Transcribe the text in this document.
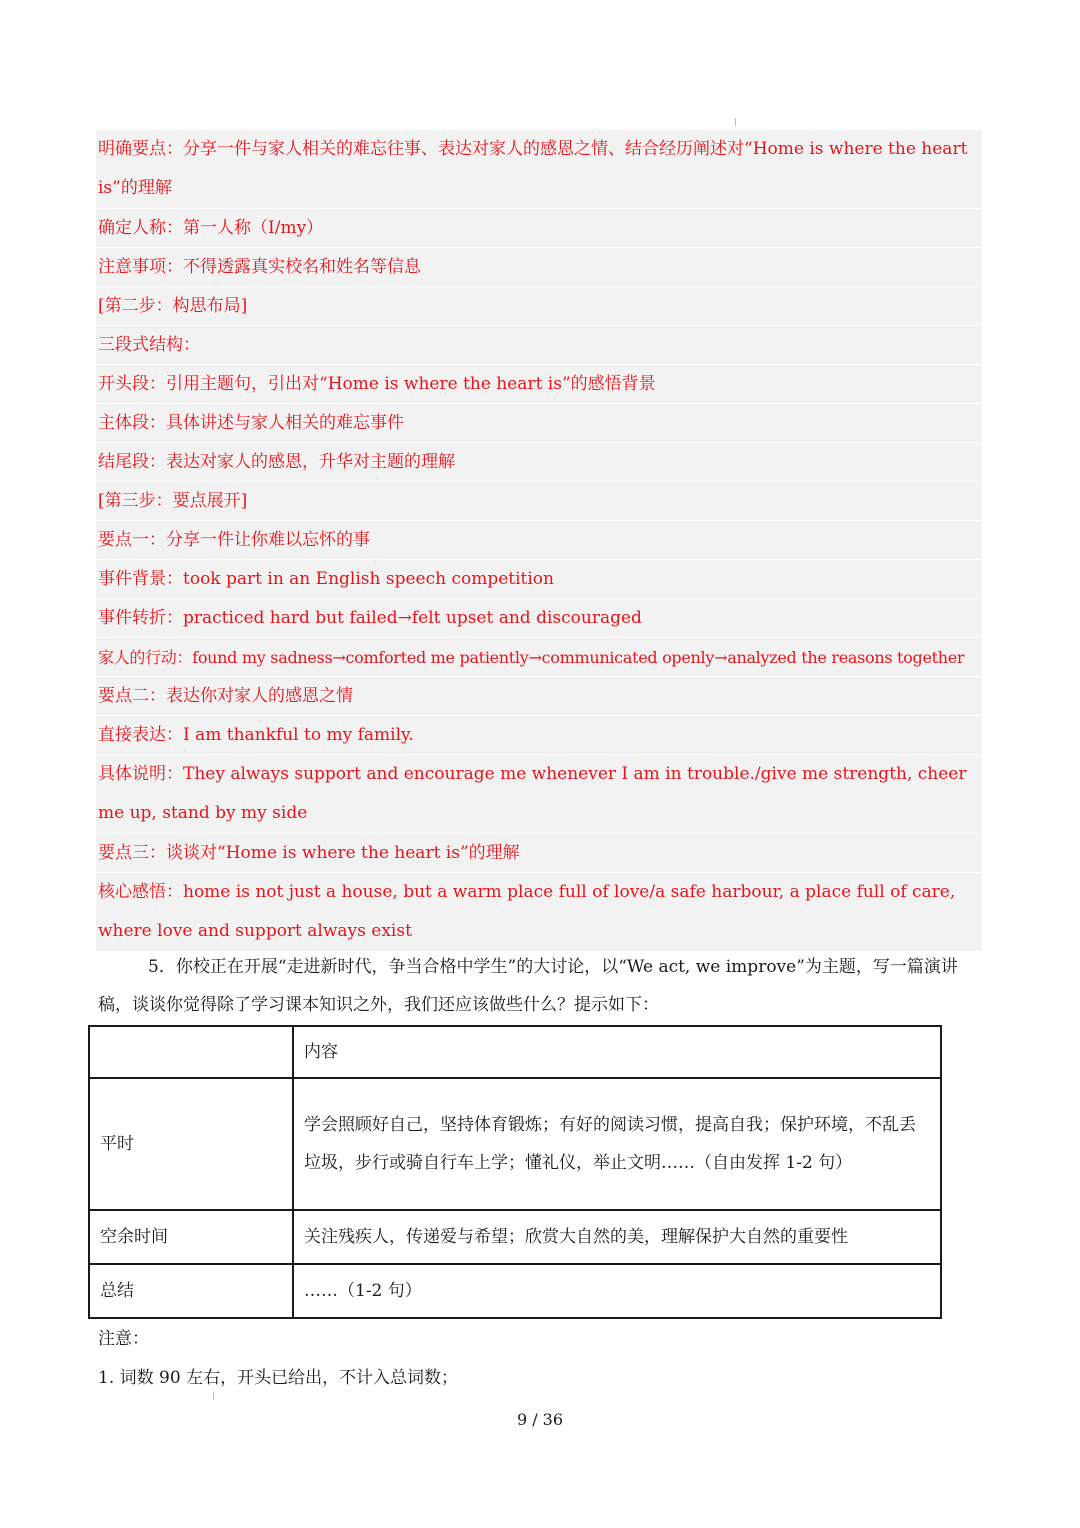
明确要点：分享一件与家人相关的难忘往事、表达对家人的感恩之情、结合经历阐述对“Home is where the heart is”的理解
确定人称：第一人称（I/my）
注意事项：不得透露真实校名和姓名等信息
[第二步：构思布局]
三段式结构：
开头段：引用主题句，引出对“Home is where the heart is”的感悟背景
主体段：具体讲述与家人相关的难忘事件
结尾段：表达对家人的感恩，升华对主题的理解
[第三步：要点展开]
要点一：分享一件让你难以忘怀的事
事件背景：took part in an English speech competition
事件转折：practiced hard but failed→felt upset and discouraged
家人的行动：found my sadness→comforted me patiently→communicated openly→analyzed the reasons together
要点二：表达你对家人的感恩之情
直接表达：I am thankful to my family.
具体说明：They always support and encourage me whenever I am in trouble./give me strength, cheer me up, stand by my side
要点三：谈谈对“Home is where the heart is”的理解
核心感悟：home is not just a house, but a warm place full of love/a safe harbour, a place full of care, where love and support always exist
5．你校正在开展“走进新时代，争当合格中学生”的大讨论，以“We act, we improve”为主题，写一篇演讲稿，谈谈你觉得除了学习课本知识之外，我们还应该做些什么？提示如下：
	内容
平时	学会照顾好自己，坚持体育锻炼；有好的阅读习惯，提高自我；保护环境，不乱丢垃圾，步行或骑自行车上学；懂礼仪，举止文明……（自由发挥 1-2 句）
空余时间	关注残疾人，传递爱与希望；欣赏大自然的美，理解保护大自然的重要性
总结	……（1-2 句）
注意：
1. 词数 90 左右，开头已给出，不计入总词数；
9 / 36
